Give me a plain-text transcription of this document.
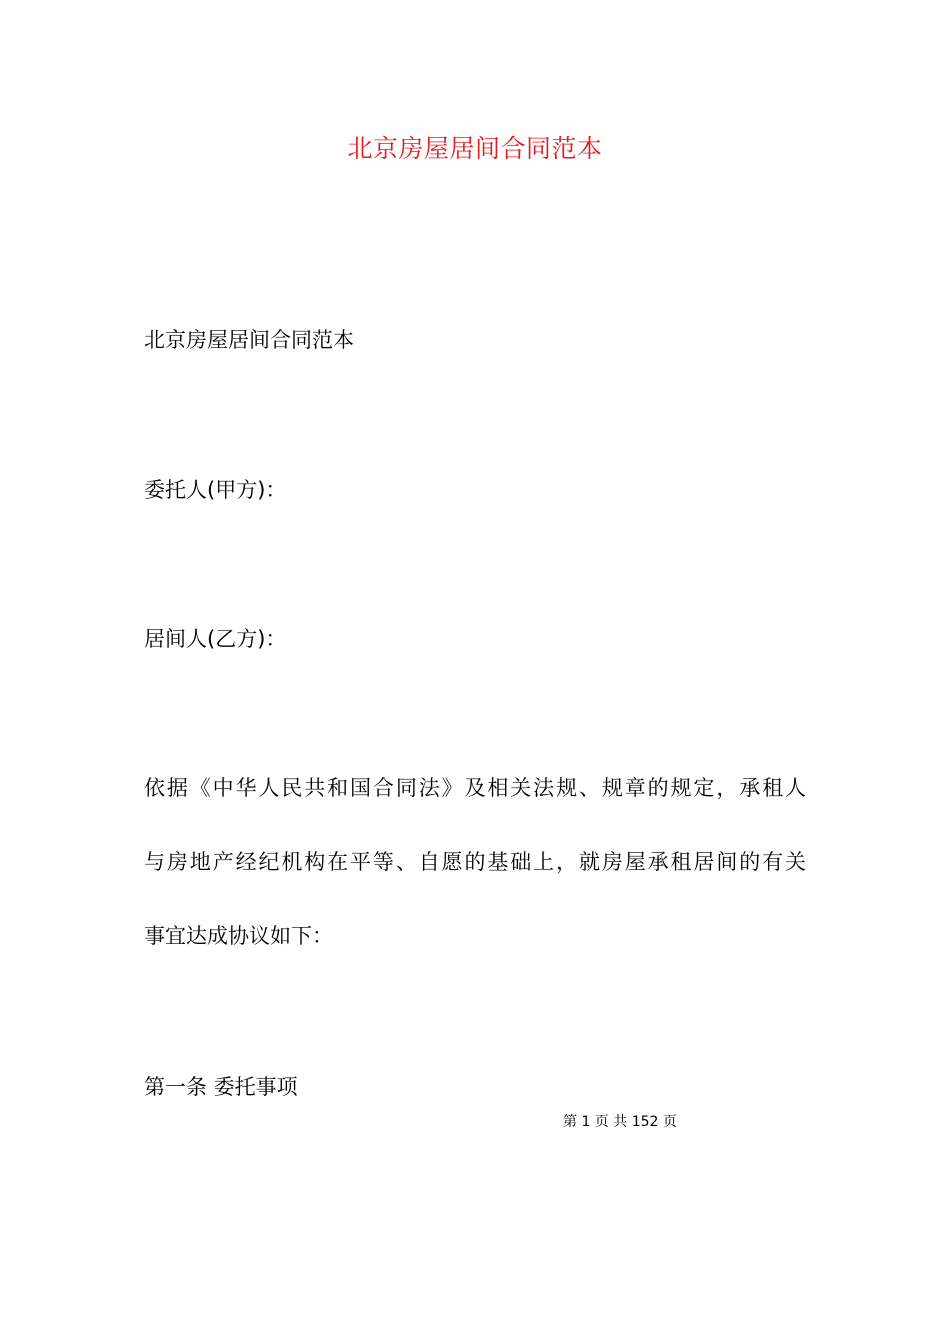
北京房屋居间合同范本
北京房屋居间合同范本
委托人(甲方)：
居间人(乙方)：
依据《中华人民共和国合同法》及相关法规、规章的规定，承租人
与房地产经纪机构在平等、自愿的基础上，就房屋承租居间的有关
事宜达成协议如下：
第一条 委托事项
第 1 页 共 152 页
